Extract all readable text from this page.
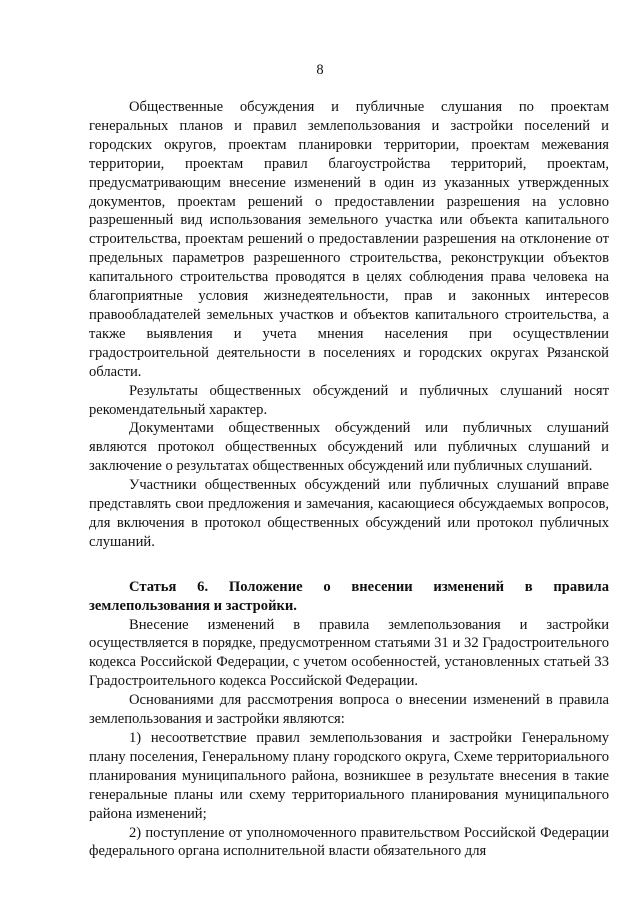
8

Общественные обсуждения и публичные слушания по проектам генеральных планов и правил землепользования и застройки поселений и городских округов, проектам планировки территории, проектам межевания территории, проектам правил благоустройства территорий, проектам, предусматривающим внесение изменений в один из указанных утвержденных документов, проектам решений о предоставлении разрешения на условно разрешенный вид использования земельного участка или объекта капитального строительства, проектам решений о предоставлении разрешения на отклонение от предельных параметров разрешенного строительства, реконструкции объектов капитального строительства проводятся в целях соблюдения права человека на благоприятные условия жизнедеятельности, прав и законных интересов правообладателей земельных участков и объектов капитального строительства, а также выявления и учета мнения населения при осуществлении градостроительной деятельности в поселениях и городских округах Рязанской области.

Результаты общественных обсуждений и публичных слушаний носят рекомендательный характер.

Документами общественных обсуждений или публичных слушаний являются протокол общественных обсуждений или публичных слушаний и заключение о результатах общественных обсуждений или публичных слушаний.

Участники общественных обсуждений или публичных слушаний вправе представлять свои предложения и замечания, касающиеся обсуждаемых вопросов, для включения в протокол общественных обсуждений или протокол публичных слушаний.

Статья 6. Положение о внесении изменений в правила землепользования и застройки.

Внесение изменений в правила землепользования и застройки осуществляется в порядке, предусмотренном статьями 31 и 32 Градостроительного кодекса Российской Федерации, с учетом особенностей, установленных статьей 33 Градостроительного кодекса Российской Федерации.

Основаниями для рассмотрения вопроса о внесении изменений в правила землепользования и застройки являются:

1) несоответствие правил землепользования и застройки Генеральному плану поселения, Генеральному плану городского округа, Схеме территориального планирования муниципального района, возникшее в результате внесения в такие генеральные планы или схему территориального планирования муниципального района изменений;

2) поступление от уполномоченного правительством Российской Федерации федерального органа исполнительной власти обязательного для
